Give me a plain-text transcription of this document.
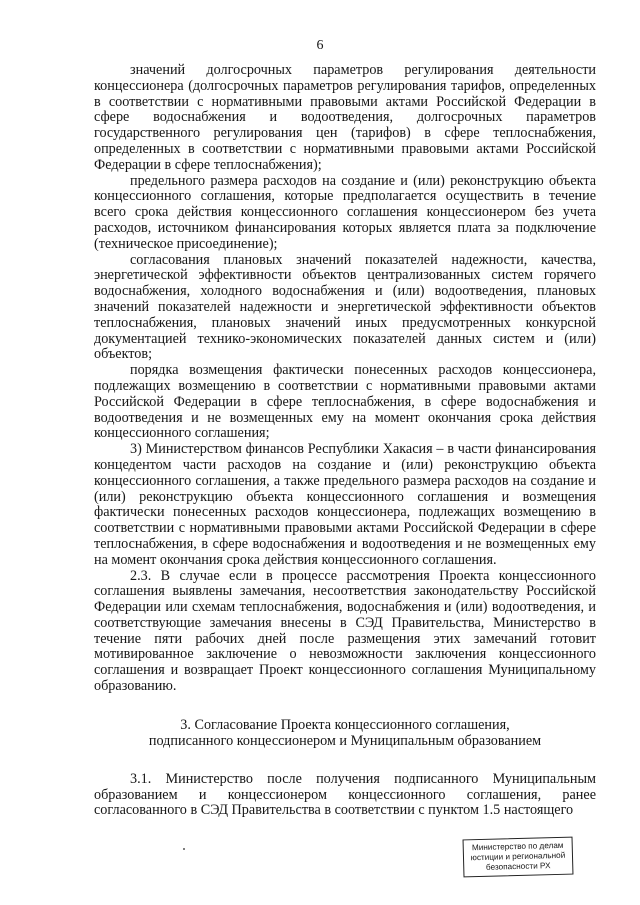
6

значений долгосрочных параметров регулирования деятельности концессионера (долгосрочных параметров регулирования тарифов, определенных в соответствии с нормативными правовыми актами Российской Федерации в сфере водоснабжения и водоотведения, долгосрочных параметров государственного регулирования цен (тарифов) в сфере теплоснабжения, определенных в соответствии с нормативными правовыми актами Российской Федерации в сфере теплоснабжения);

предельного размера расходов на создание и (или) реконструкцию объекта концессионного соглашения, которые предполагается осуществить в течение всего срока действия концессионного соглашения концессионером без учета расходов, источником финансирования которых является плата за подключение (техническое присоединение);

согласования плановых значений показателей надежности, качества, энергетической эффективности объектов централизованных систем горячего водоснабжения, холодного водоснабжения и (или) водоотведения, плановых значений показателей надежности и энергетической эффективности объектов теплоснабжения, плановых значений иных предусмотренных конкурсной документацией технико-экономических показателей данных систем и (или) объектов;

порядка возмещения фактически понесенных расходов концессионера, подлежащих возмещению в соответствии с нормативными правовыми актами Российской Федерации в сфере теплоснабжения, в сфере водоснабжения и водоотведения и не возмещенных ему на момент окончания срока действия концессионного соглашения;

3) Министерством финансов Республики Хакасия – в части финансирования концедентом части расходов на создание и (или) реконструкцию объекта концессионного соглашения, а также предельного размера расходов на создание и (или) реконструкцию объекта концессионного соглашения и возмещения фактически понесенных расходов концессионера, подлежащих возмещению в соответствии с нормативными правовыми актами Российской Федерации в сфере теплоснабжения, в сфере водоснабжения и водоотведения и не возмещенных ему на момент окончания срока действия концессионного соглашения.

2.3. В случае если в процессе рассмотрения Проекта концессионного соглашения выявлены замечания, несоответствия законодательству Российской Федерации или схемам теплоснабжения, водоснабжения и (или) водоотведения, и соответствующие замечания внесены в СЭД Правительства, Министерство в течение пяти рабочих дней после размещения этих замечаний готовит мотивированное заключение о невозможности заключения концессионного соглашения и возвращает Проект концессионного соглашения Муниципальному образованию.

3. Согласование Проекта концессионного соглашения,
подписанного концессионером и Муниципальным образованием

3.1. Министерство после получения подписанного Муниципальным образованием и концессионером концессионного соглашения, ранее согласованного в СЭД Правительства в соответствии с пунктом 1.5 настоящего

Министерство по делам
юстиции и региональной
безопасности РХ
